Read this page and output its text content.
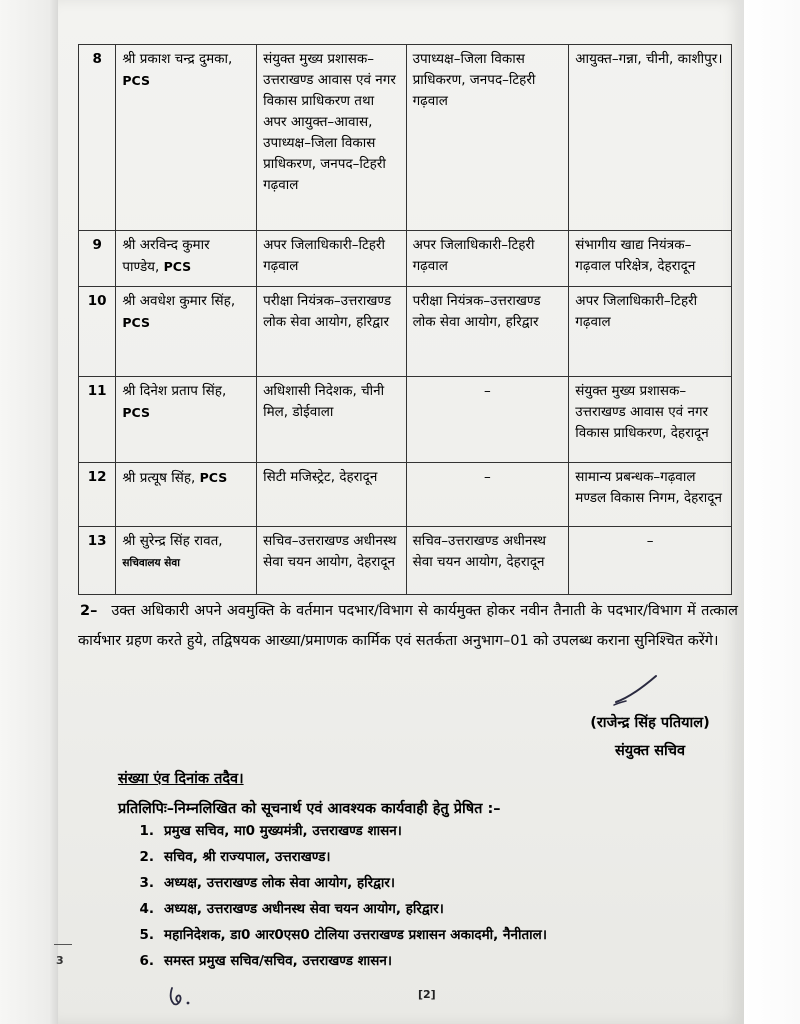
8	श्री प्रकाश चन्द्र दुमका, PCS	संयुक्त मुख्य प्रशासक–उत्तराखण्ड आवास एवं नगर विकास प्राधिकरण तथा अपर आयुक्त–आवास, उपाध्यक्ष–जिला विकास प्राधिकरण, जनपद–टिहरी गढ़वाल	उपाध्यक्ष–जिला विकास प्राधिकरण, जनपद–टिहरी गढ़वाल	आयुक्त–गन्ना, चीनी, काशीपुर।
9	श्री अरविन्द कुमार पाण्डेय, PCS	अपर जिलाधिकारी–टिहरी गढ़वाल	अपर जिलाधिकारी–टिहरी गढ़वाल	संभागीय खाद्य नियंत्रक–गढ़वाल परिक्षेत्र, देहरादून
10	श्री अवधेश कुमार सिंह, PCS	परीक्षा नियंत्रक–उत्तराखण्ड लोक सेवा आयोग, हरिद्वार	परीक्षा नियंत्रक–उत्तराखण्ड लोक सेवा आयोग, हरिद्वार	अपर जिलाधिकारी–टिहरी गढ़वाल
11	श्री दिनेश प्रताप सिंह, PCS	अधिशासी निदेशक, चीनी मिल, डोईवाला	–	संयुक्त मुख्य प्रशासक–उत्तराखण्ड आवास एवं नगर विकास प्राधिकरण, देहरादून
12	श्री प्रत्यूष सिंह, PCS	सिटी मजिस्ट्रेट, देहरादून	–	सामान्य प्रबन्धक–गढ़वाल मण्डल विकास निगम, देहरादून
13	श्री सुरेन्द्र सिंह रावत, सचिवालय सेवा	सचिव–उत्तराखण्ड अधीनस्थ सेवा चयन आयोग, देहरादून	सचिव–उत्तराखण्ड अधीनस्थ सेवा चयन आयोग, देहरादून	–
2– उक्त अधिकारी अपने अवमुक्ति के वर्तमान पदभार/विभाग से कार्यमुक्त होकर नवीन तैनाती के पदभार/विभाग में तत्काल कार्यभार ग्रहण करते हुये, तद्विषयक आख्या/प्रमाणक कार्मिक एवं सतर्कता अनुभाग–01 को उपलब्ध कराना सुनिश्चित करेंगे।
(राजेन्द्र सिंह पतियाल)
संयुक्त सचिव
संख्या एंव दिनांक तदैव।
प्रतिलिपिः–निम्नलिखित को सूचनार्थ एवं आवश्यक कार्यवाही हेतु प्रेषित :–
1. प्रमुख सचिव, मा0 मुख्यमंत्री, उत्तराखण्ड शासन।
2. सचिव, श्री राज्यपाल, उत्तराखण्ड।
3. अध्यक्ष, उत्तराखण्ड लोक सेवा आयोग, हरिद्वार।
4. अध्यक्ष, उत्तराखण्ड अधीनस्थ सेवा चयन आयोग, हरिद्वार।
5. महानिदेशक, डा0 आर0एस0 टोलिया उत्तराखण्ड प्रशासन अकादमी, नैनीताल।
6. समस्त प्रमुख सचिव/सचिव, उत्तराखण्ड शासन।
3
[2]
